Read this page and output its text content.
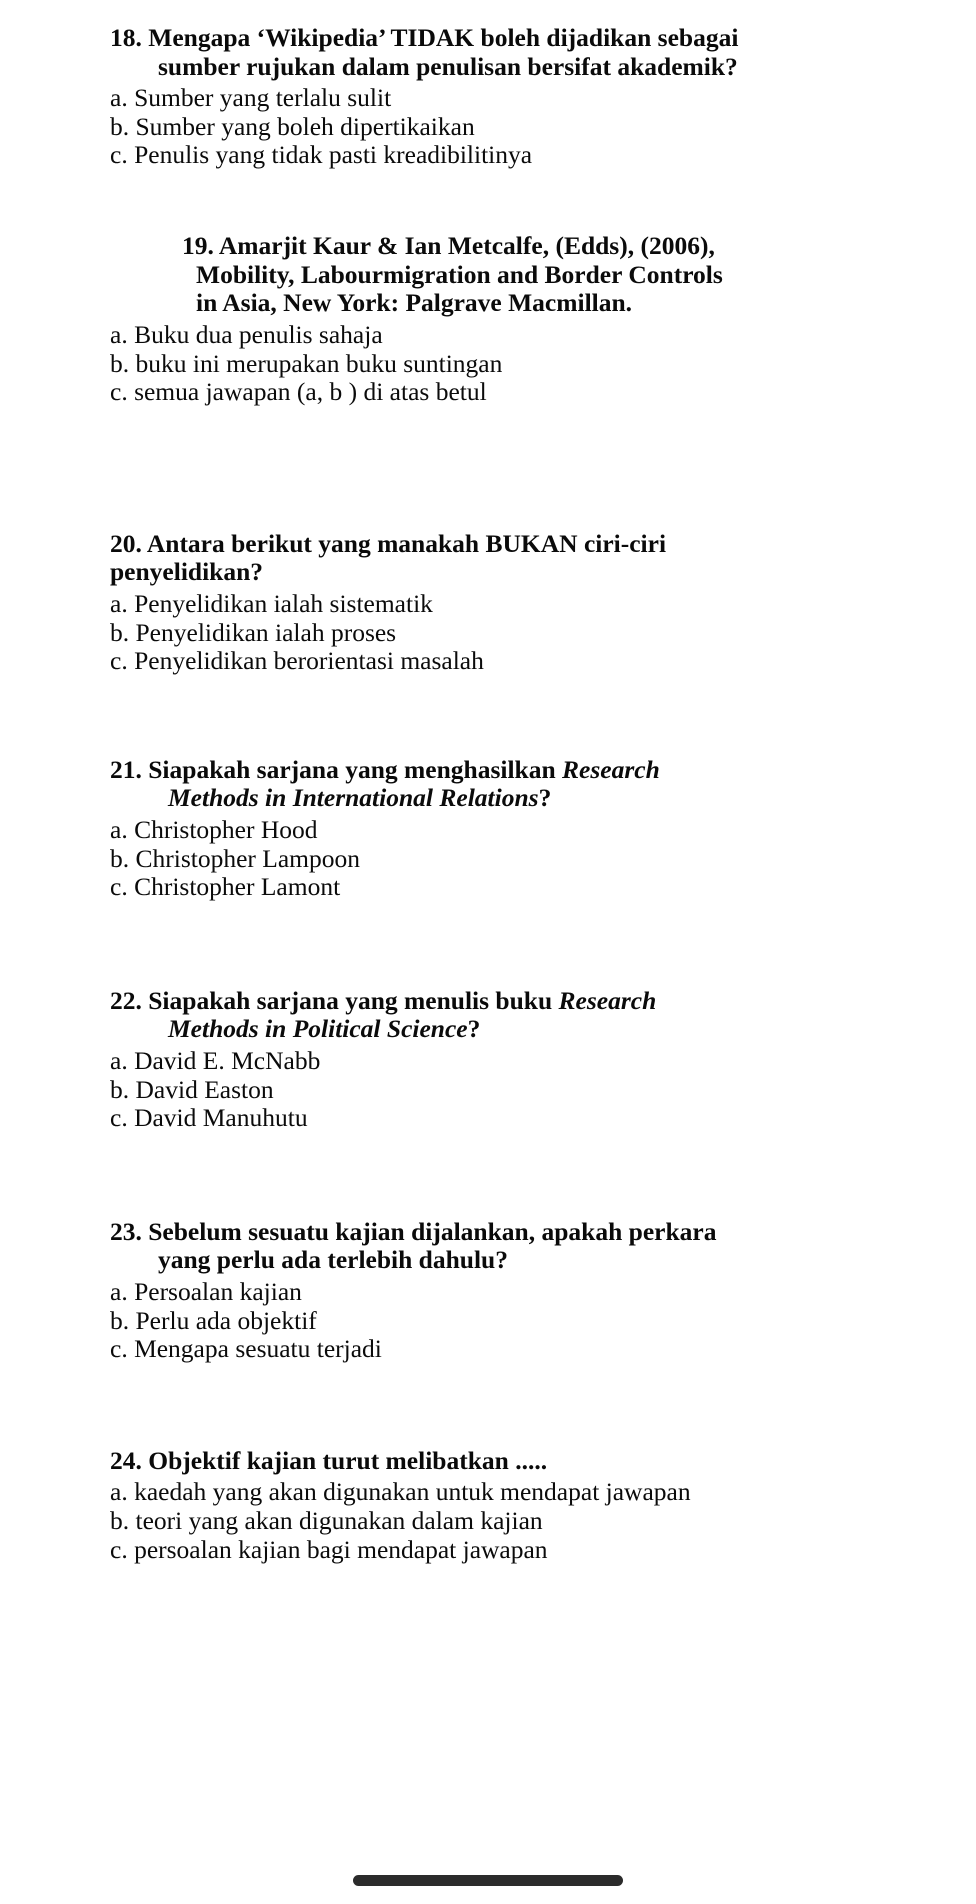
18. Mengapa ‘Wikipedia’ TIDAK boleh dijadikan sebagai
sumber rujukan dalam penulisan bersifat akademik?
a. Sumber yang terlalu sulit
b. Sumber yang boleh dipertikaikan
c. Penulis yang tidak pasti kreadibilitinya
19. Amarjit Kaur & Ian Metcalfe, (Edds), (2006),
Mobility, Labourmigration and Border Controls
in Asia, New York: Palgrave Macmillan.
a. Buku dua penulis sahaja
b. buku ini merupakan buku suntingan
c. semua jawapan (a, b ) di atas betul
20. Antara berikut yang manakah BUKAN ciri-ciri
penyelidikan?
a. Penyelidikan ialah sistematik
b. Penyelidikan ialah proses
c. Penyelidikan berorientasi masalah
21. Siapakah sarjana yang menghasilkan Research
Methods in International Relations?
a. Christopher Hood
b. Christopher Lampoon
c. Christopher Lamont
22. Siapakah sarjana yang menulis buku Research
Methods in Political Science?
a. David E. McNabb
b. David Easton
c. David Manuhutu
23. Sebelum sesuatu kajian dijalankan, apakah perkara
yang perlu ada terlebih dahulu?
a. Persoalan kajian
b. Perlu ada objektif
c. Mengapa sesuatu terjadi
24. Objektif kajian turut melibatkan .....
a. kaedah yang akan digunakan untuk mendapat jawapan
b. teori yang akan digunakan dalam kajian
c. persoalan kajian bagi mendapat jawapan
